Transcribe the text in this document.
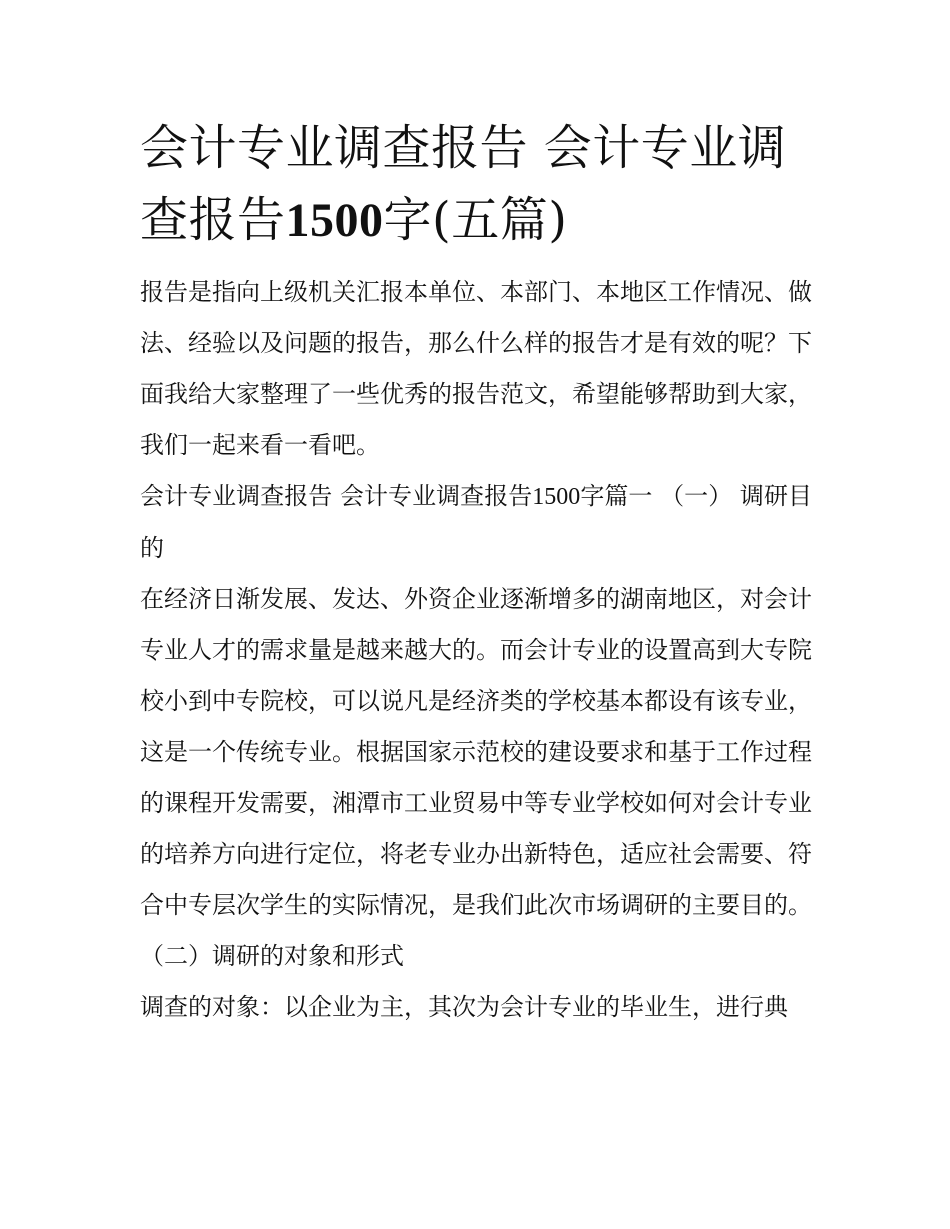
会计专业调查报告 会计专业调查报告1500字(五篇)

报告是指向上级机关汇报本单位、本部门、本地区工作情况、做法、经验以及问题的报告，那么什么样的报告才是有效的呢？下面我给大家整理了一些优秀的报告范文，希望能够帮助到大家，我们一起来看一看吧。

会计专业调查报告 会计专业调查报告1500字篇一 （一） 调研目的

在经济日渐发展、发达、外资企业逐渐增多的湖南地区，对会计专业人才的需求量是越来越大的。而会计专业的设置高到大专院校小到中专院校，可以说凡是经济类的学校基本都设有该专业，这是一个传统专业。根据国家示范校的建设要求和基于工作过程的课程开发需要，湘潭市工业贸易中等专业学校如何对会计专业的培养方向进行定位，将老专业办出新特色，适应社会需要、符合中专层次学生的实际情况，是我们此次市场调研的主要目的。

（二）调研的对象和形式

调查的对象：以企业为主，其次为会计专业的毕业生，进行典
